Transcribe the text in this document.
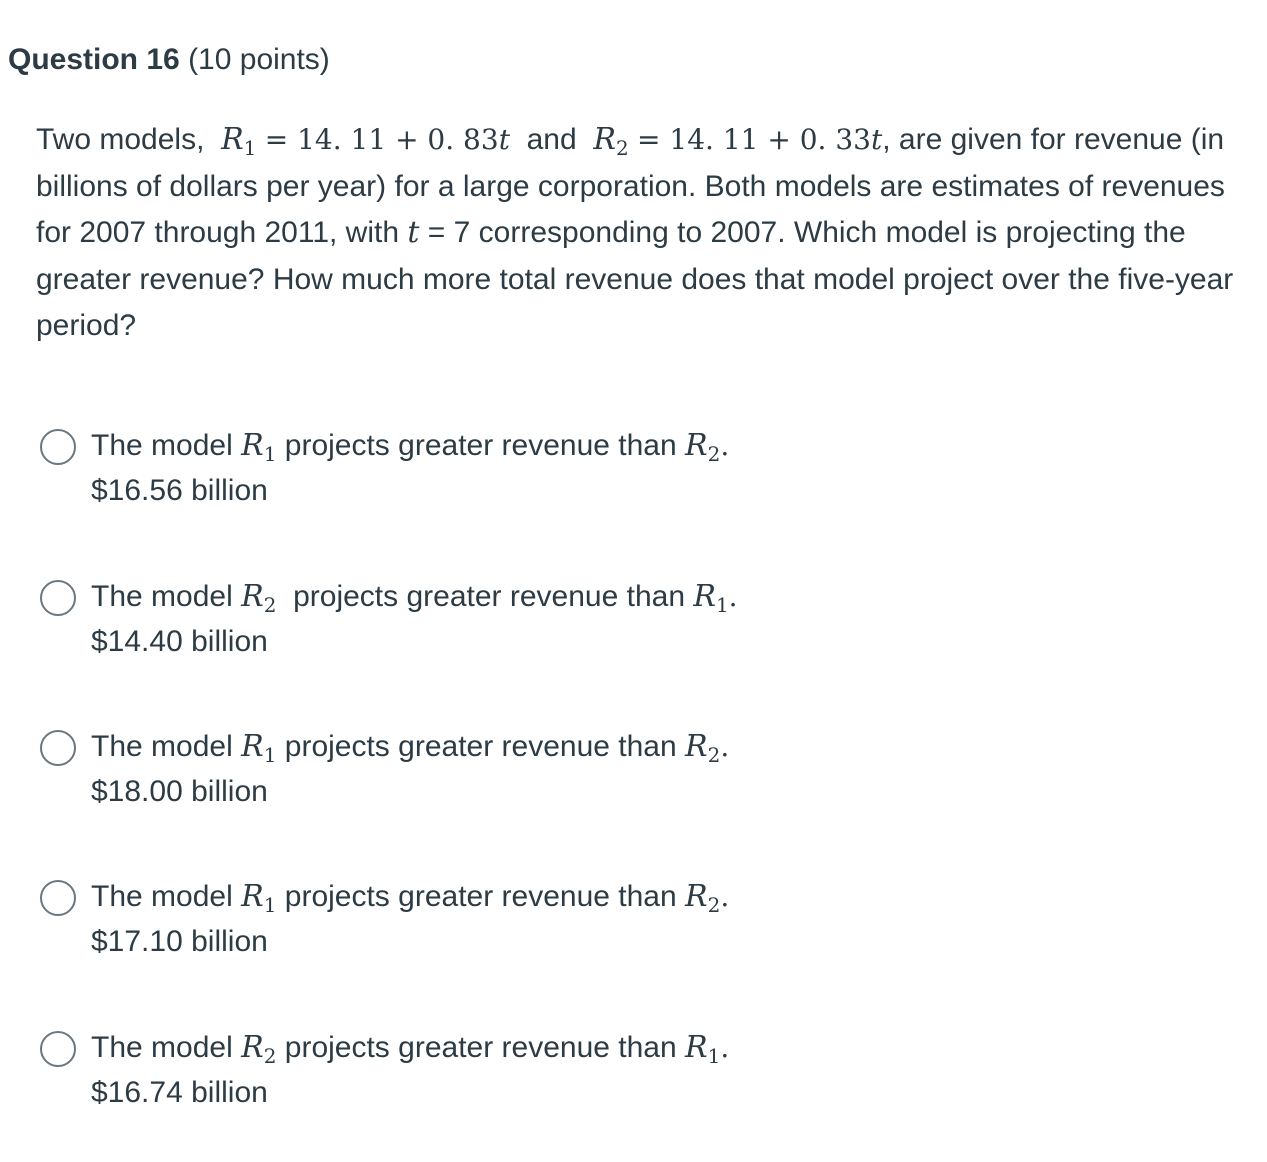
Question 16 (10 points)
Two models, $R_1 = 14$. 11 + 0. 83t and $R_2 = 14$. 11 + 0. 33t, are given for revenue (in billions of dollars per year) for a large corporation. Both models are estimates of revenues for 2007 through 2011, with t = 7 corresponding to 2007. Which model is projecting the greater revenue? How much more total revenue does that model project over the five-year period?
The model $R_1$ projects greater revenue than $R_2$.
$16.56 billion
The model $R_2$ projects greater revenue than $R_1$.
$14.40 billion
The model $R_1$ projects greater revenue than $R_2$.
$18.00 billion
The model $R_1$ projects greater revenue than $R_2$.
$17.10 billion
The model $R_2$ projects greater revenue than $R_1$.
$16.74 billion
